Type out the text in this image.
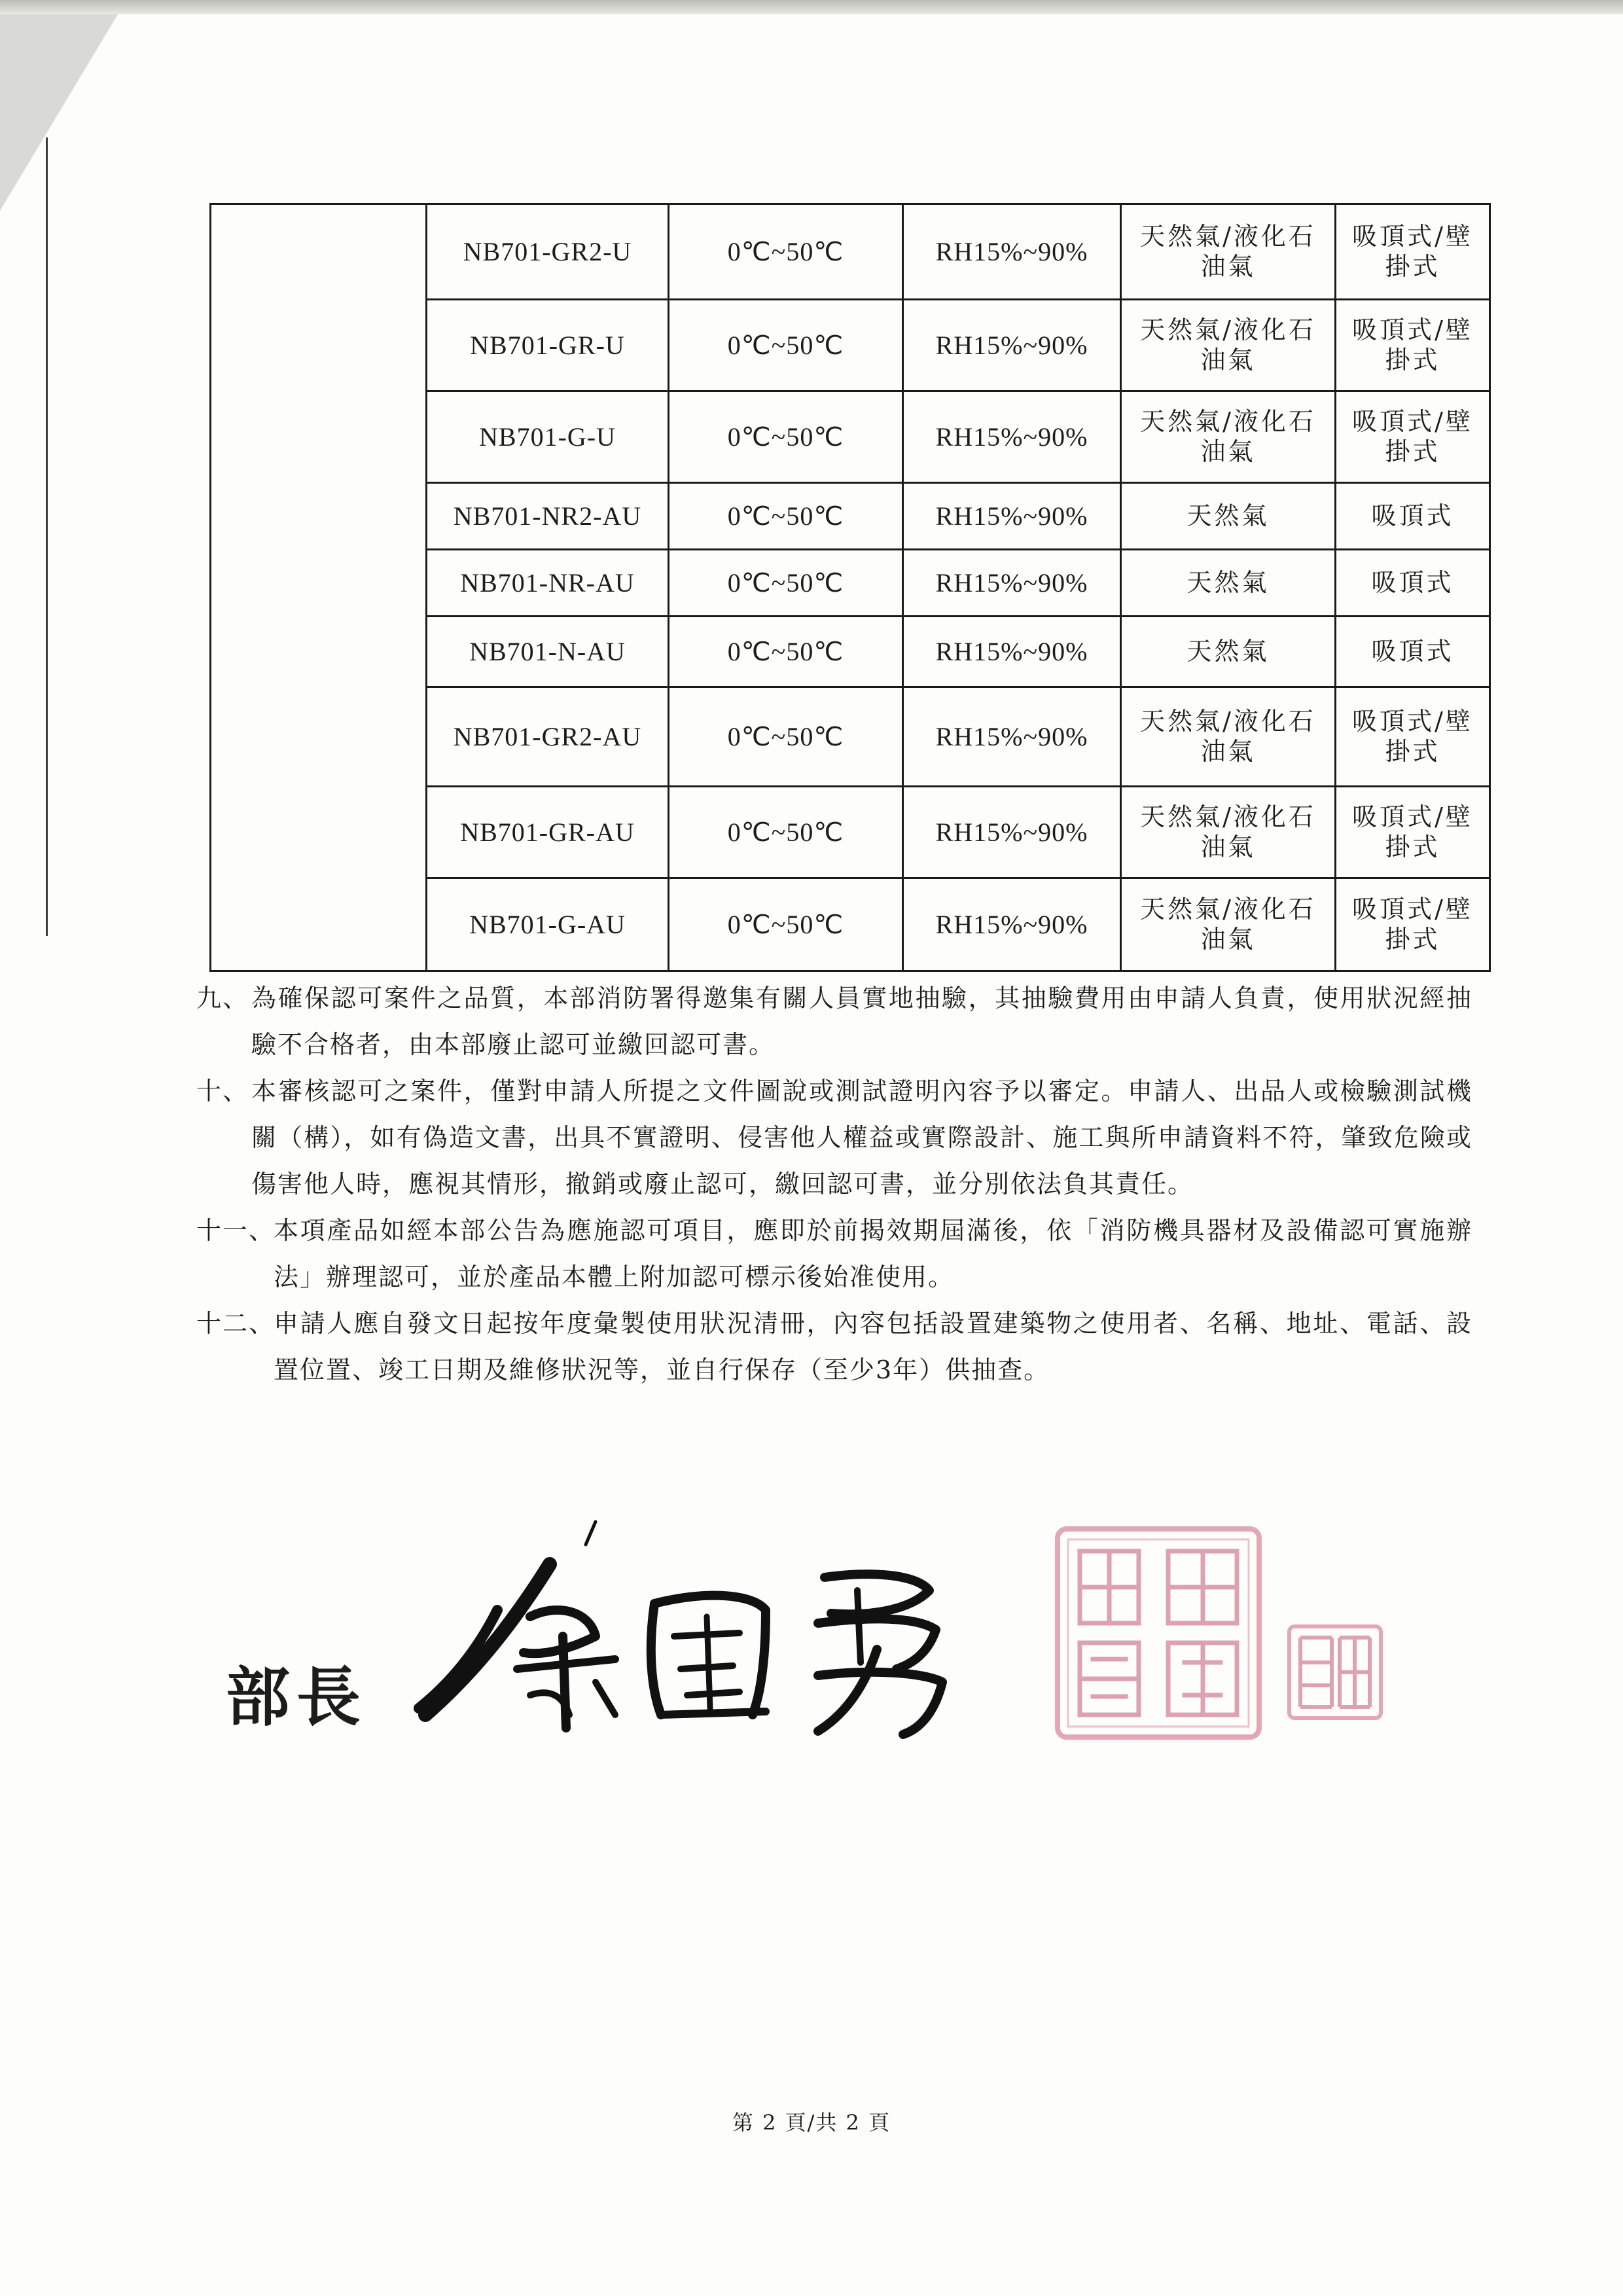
	NB701-GR2-U	0℃~50℃	RH15%~90%	天然氣/液化石油氣	吸頂式/壁掛式

	NB701-GR-U	0℃~50℃	RH15%~90%	天然氣/液化石油氣	吸頂式/壁掛式

	NB701-G-U	0℃~50℃	RH15%~90%	天然氣/液化石油氣	吸頂式/壁掛式

	NB701-NR2-AU	0℃~50℃	RH15%~90%	天然氣	吸頂式

	NB701-NR-AU	0℃~50℃	RH15%~90%	天然氣	吸頂式

	NB701-N-AU	0℃~50℃	RH15%~90%	天然氣	吸頂式

	NB701-GR2-AU	0℃~50℃	RH15%~90%	天然氣/液化石油氣	吸頂式/壁掛式

	NB701-GR-AU	0℃~50℃	RH15%~90%	天然氣/液化石油氣	吸頂式/壁掛式

	NB701-G-AU	0℃~50℃	RH15%~90%	天然氣/液化石油氣	吸頂式/壁掛式
九、 為確保認可案件之品質，本部消防署得邀集有關人員實地抽驗，其抽驗費用由申請人負責，使用狀況經抽驗不合格者，由本部廢止認可並繳回認可書。
十、 本審核認可之案件，僅對申請人所提之文件圖說或測試證明內容予以審定。申請人、出品人或檢驗測試機關（構），如有偽造文書，出具不實證明、侵害他人權益或實際設計、施工與所申請資料不符，肇致危險或傷害他人時，應視其情形，撤銷或廢止認可，繳回認可書，並分別依法負其責任。
十一、
本項產品如經本部公告為應施認可項目，應即於前揭效期屆滿後，依「消防機具器材及設備認可實施辦法」辦理認可，並於產品本體上附加認可標示後始准使用。
十二、
申請人應自發文日起按年度彙製使用狀況清冊，內容包括設置建築物之使用者、名稱、地址、電話、設置位置、竣工日期及維修狀況等，並自行保存（至少3年）供抽查。
部長
第 2 頁/共 2 頁
